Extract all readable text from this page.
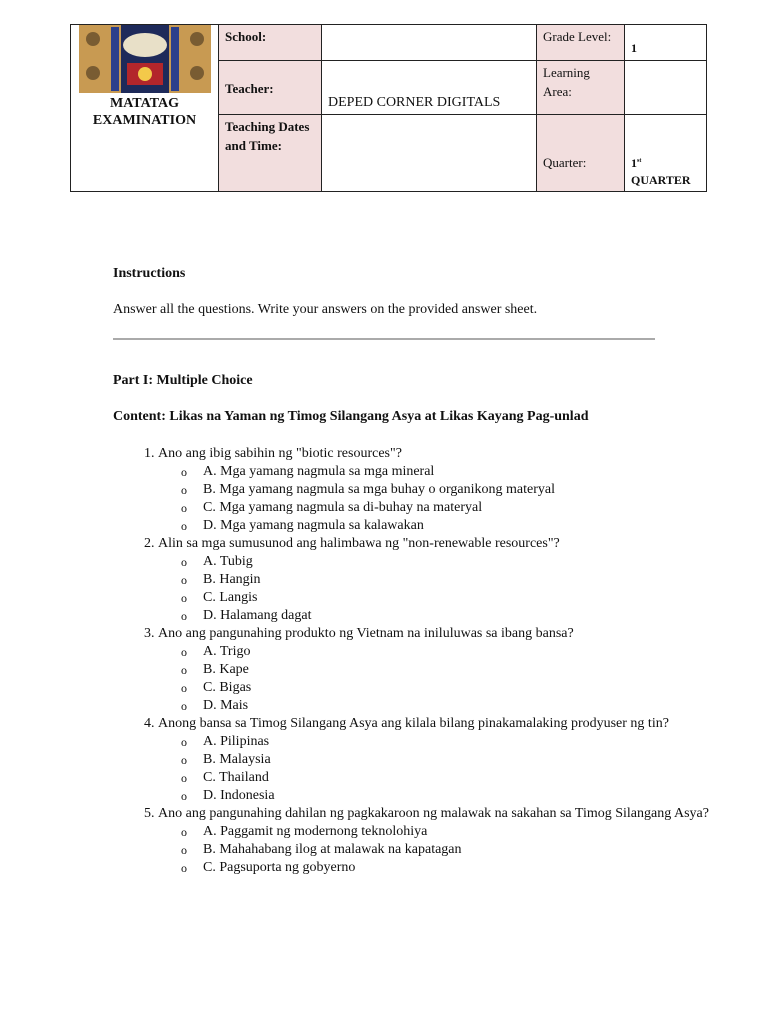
MATATAG EXAMINATION	School:		Grade Level:	1
	Teacher:	DEPED CORNER DIGITALS	Learning Area:	
	Teaching Dates and Time:		Quarter:	1st
QUARTER
Instructions
Answer all the questions. Write your answers on the provided answer sheet.
Part I: Multiple Choice
Content: Likas na Yaman ng Timog Silangang Asya at Likas Kayang Pag-unlad
1. Ano ang ibig sabihin ng "biotic resources"?
o A. Mga yamang nagmula sa mga mineral
o B. Mga yamang nagmula sa mga buhay o organikong materyal
o C. Mga yamang nagmula sa di-buhay na materyal
o D. Mga yamang nagmula sa kalawakan
2. Alin sa mga sumusunod ang halimbawa ng "non-renewable resources"?
o A. Tubig
o B. Hangin
o C. Langis
o D. Halamang dagat
3. Ano ang pangunahing produkto ng Vietnam na iniluluwas sa ibang bansa?
o A. Trigo
o B. Kape
o C. Bigas
o D. Mais
4. Anong bansa sa Timog Silangang Asya ang kilala bilang pinakamalaking prodyuser ng tin?
o A. Pilipinas
o B. Malaysia
o C. Thailand
o D. Indonesia
5. Ano ang pangunahing dahilan ng pagkakaroon ng malawak na sakahan sa Timog Silangang Asya?
o A. Paggamit ng modernong teknolohiya
o B. Mahahabang ilog at malawak na kapatagan
o C. Pagsuporta ng gobyerno
